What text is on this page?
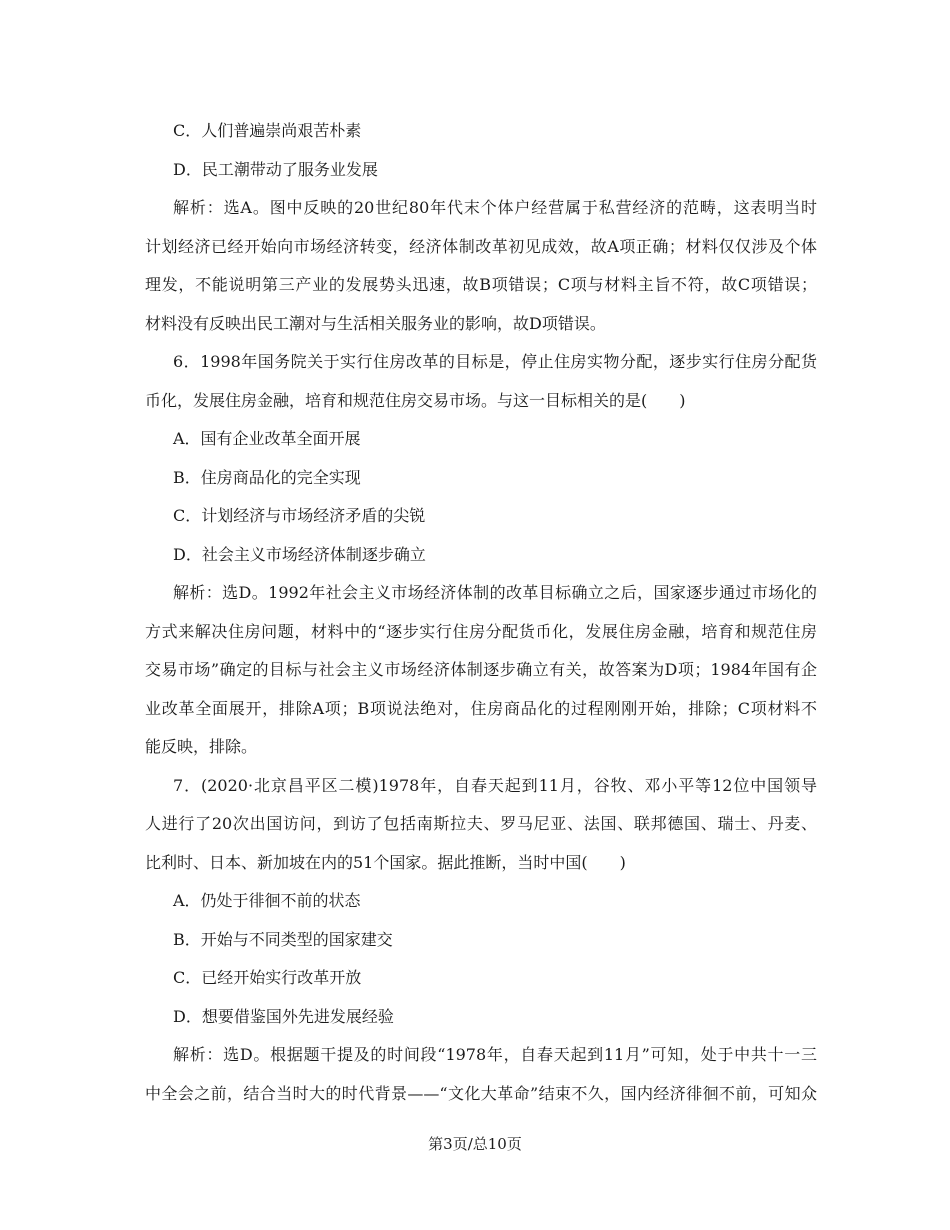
C．人们普遍崇尚艰苦朴素
D．民工潮带动了服务业发展
解析：选A。图中反映的20世纪80年代末个体户经营属于私营经济的范畴，这表明当时
计划经济已经开始向市场经济转变，经济体制改革初见成效，故A项正确；材料仅仅涉及个体
理发，不能说明第三产业的发展势头迅速，故B项错误；C项与材料主旨不符，故C项错误；
材料没有反映出民工潮对与生活相关服务业的影响，故D项错误。
6．1998年国务院关于实行住房改革的目标是，停止住房实物分配，逐步实行住房分配货
币化，发展住房金融，培育和规范住房交易市场。与这一目标相关的是(　　)
A．国有企业改革全面开展
B．住房商品化的完全实现
C．计划经济与市场经济矛盾的尖锐
D．社会主义市场经济体制逐步确立
解析：选D。1992年社会主义市场经济体制的改革目标确立之后，国家逐步通过市场化的
方式来解决住房问题，材料中的“逐步实行住房分配货币化，发展住房金融，培育和规范住房
交易市场”确定的目标与社会主义市场经济体制逐步确立有关，故答案为D项；1984年国有企
业改革全面展开，排除A项；B项说法绝对，住房商品化的过程刚刚开始，排除；C项材料不
能反映，排除。
7．(2020·北京昌平区二模)1978年，自春天起到11月，谷牧、邓小平等12位中国领导
人进行了20次出国访问，到访了包括南斯拉夫、罗马尼亚、法国、联邦德国、瑞士、丹麦、
比利时、日本、新加坡在内的51个国家。据此推断，当时中国(　　)
A．仍处于徘徊不前的状态
B．开始与不同类型的国家建交
C．已经开始实行改革开放
D．想要借鉴国外先进发展经验
解析：选D。根据题干提及的时间段“1978年，自春天起到11月”可知，处于中共十一三
中全会之前，结合当时大的时代背景——“文化大革命”结束不久，国内经济徘徊不前，可知众
第3页/总10页
